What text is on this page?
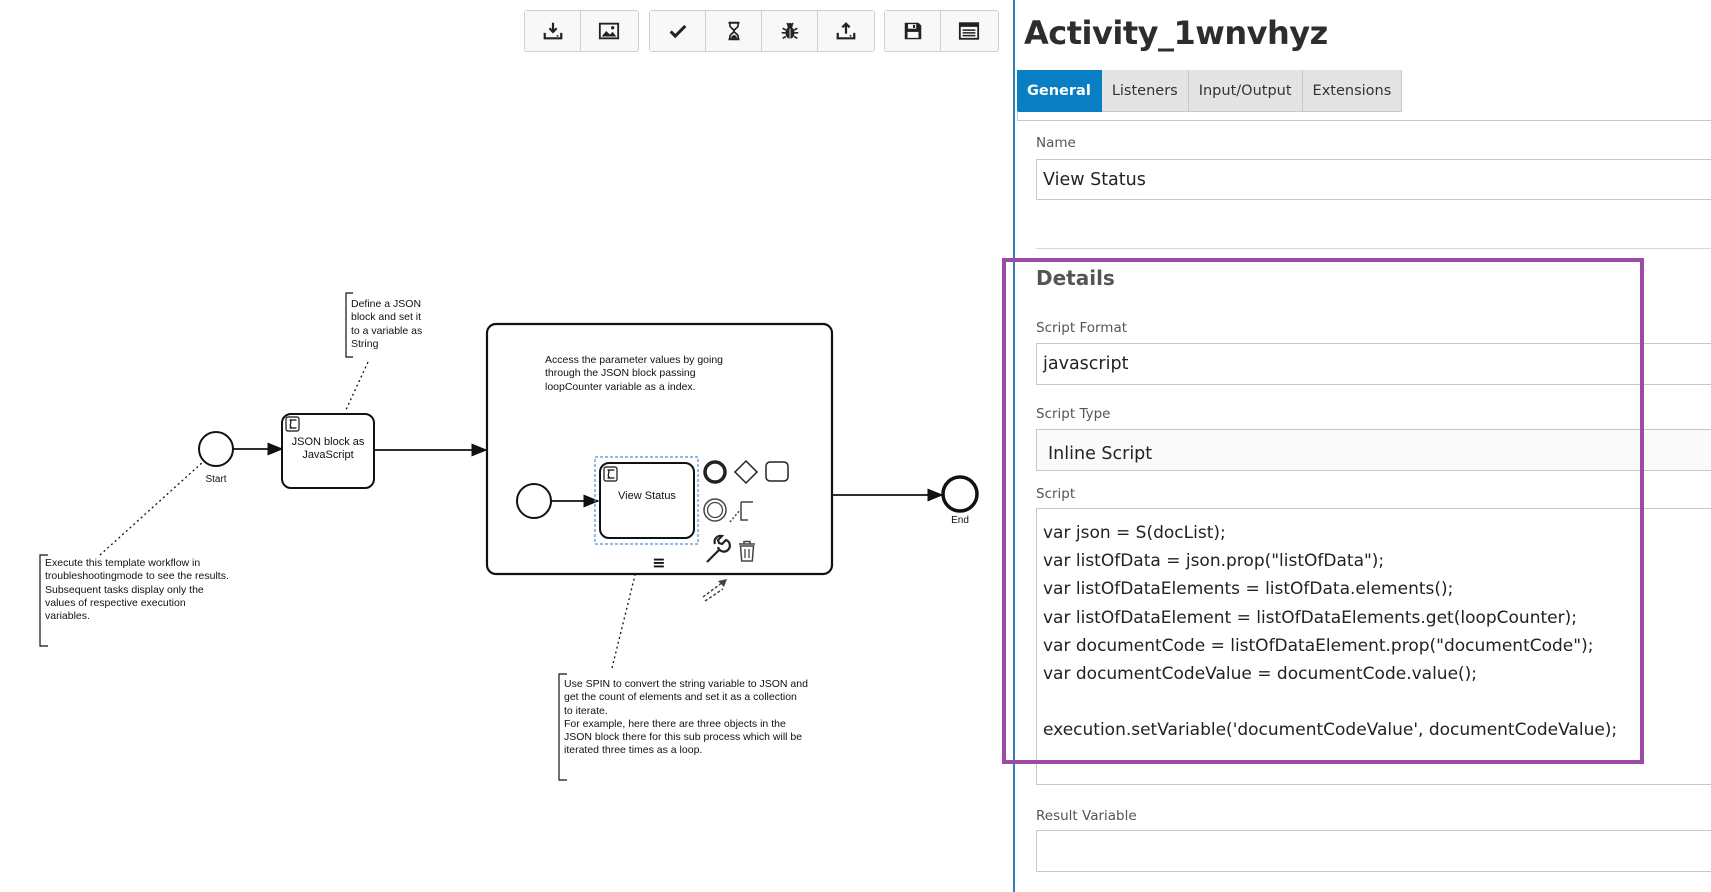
≡
Start
End
JSON block as JavaScript
View Status
Define a JSON
block and set it
to a variable as
String
Execute this template workflow in
troubleshootingmode to see the results.
Subsequent tasks display only the
values of respective execution
variables.
Access the parameter values by going
through the JSON block passing
loopCounter variable as a index.
Use SPIN to convert the string variable to JSON and
get the count of elements and set it as a collection
to iterate.
For example, here there are three objects in the
JSON block there for this sub process which will be
iterated three times as a loop.
Activity_1wnvhyz
General	Listeners	Input/Output	Extensions
Name
View Status
Details
Script Format
javascript
Script Type
Inline Script
Script
var json = S(docList);
var listOfData = json.prop("listOfData");
var listOfDataElements = listOfData.elements();
var listOfDataElement = listOfDataElements.get(loopCounter);
var documentCode = listOfDataElement.prop("documentCode");
var documentCodeValue = documentCode.value();
execution.setVariable('documentCodeValue', documentCodeValue);
Result Variable
